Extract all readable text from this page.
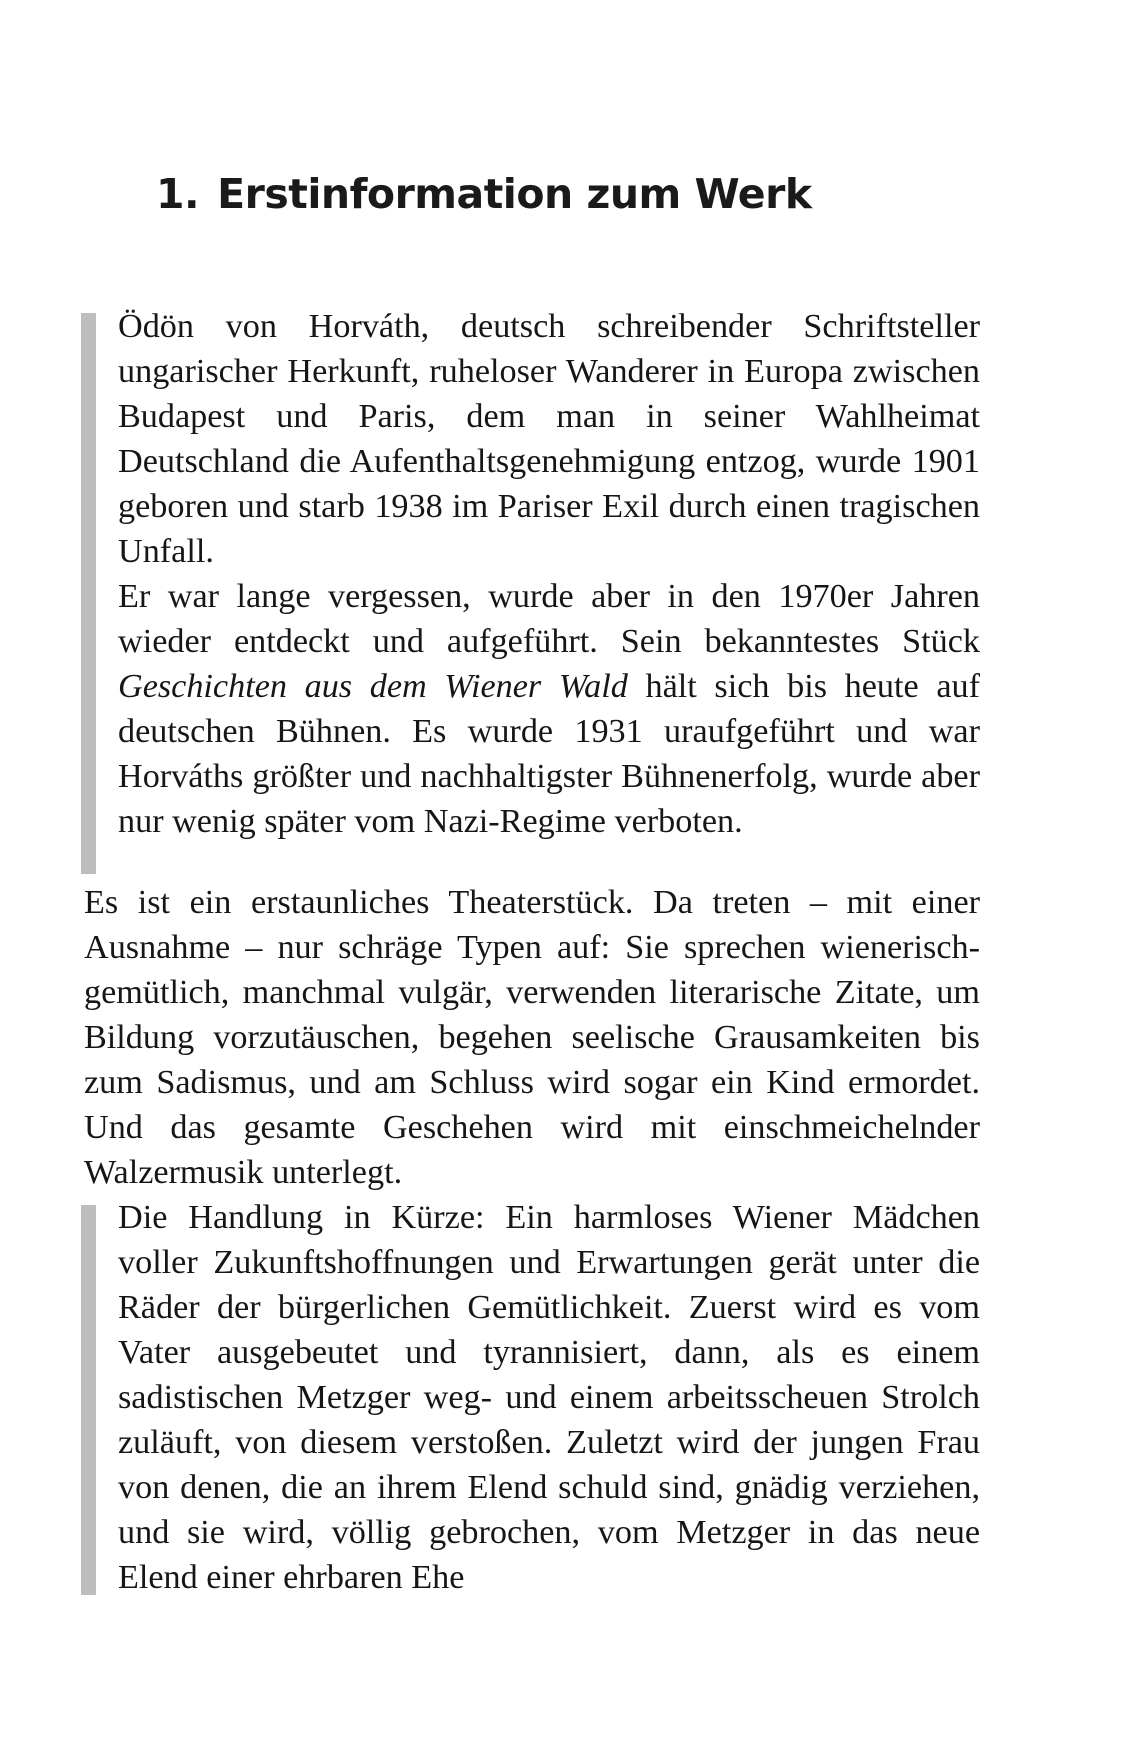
1. Erstinformation zum Werk

Ödön von Horváth, deutsch schreibender Schriftsteller ungarischer Herkunft, ruheloser Wanderer in Europa zwischen Budapest und Paris, dem man in seiner Wahlheimat Deutschland die Aufenthaltsgenehmigung entzog, wurde 1901 geboren und starb 1938 im Pariser Exil durch einen tragischen Unfall.

Er war lange vergessen, wurde aber in den 1970er Jahren wieder entdeckt und aufgeführt. Sein bekanntestes Stück Geschichten aus dem Wiener Wald hält sich bis heute auf deutschen Bühnen. Es wurde 1931 uraufgeführt und war Horváths größter und nachhaltigster Bühnenerfolg, wurde aber nur wenig später vom Nazi-Regime verboten.

Es ist ein erstaunliches Theaterstück. Da treten – mit einer Ausnahme – nur schräge Typen auf: Sie sprechen wienerisch-gemütlich, manchmal vulgär, verwenden literarische Zitate, um Bildung vorzutäuschen, begehen seelische Grausamkeiten bis zum Sadismus, und am Schluss wird sogar ein Kind ermordet. Und das gesamte Geschehen wird mit einschmeichelnder Walzermusik unterlegt.

Die Handlung in Kürze: Ein harmloses Wiener Mädchen voller Zukunftshoffnungen und Erwartungen gerät unter die Räder der bürgerlichen Gemütlichkeit. Zuerst wird es vom Vater ausgebeutet und tyrannisiert, dann, als es einem sadistischen Metzger weg- und einem arbeitsscheuen Strolch zuläuft, von diesem verstoßen. Zuletzt wird der jungen Frau von denen, die an ihrem Elend schuld sind, gnädig verziehen, und sie wird, völlig gebrochen, vom Metzger in das neue Elend einer ehrbaren Ehe
